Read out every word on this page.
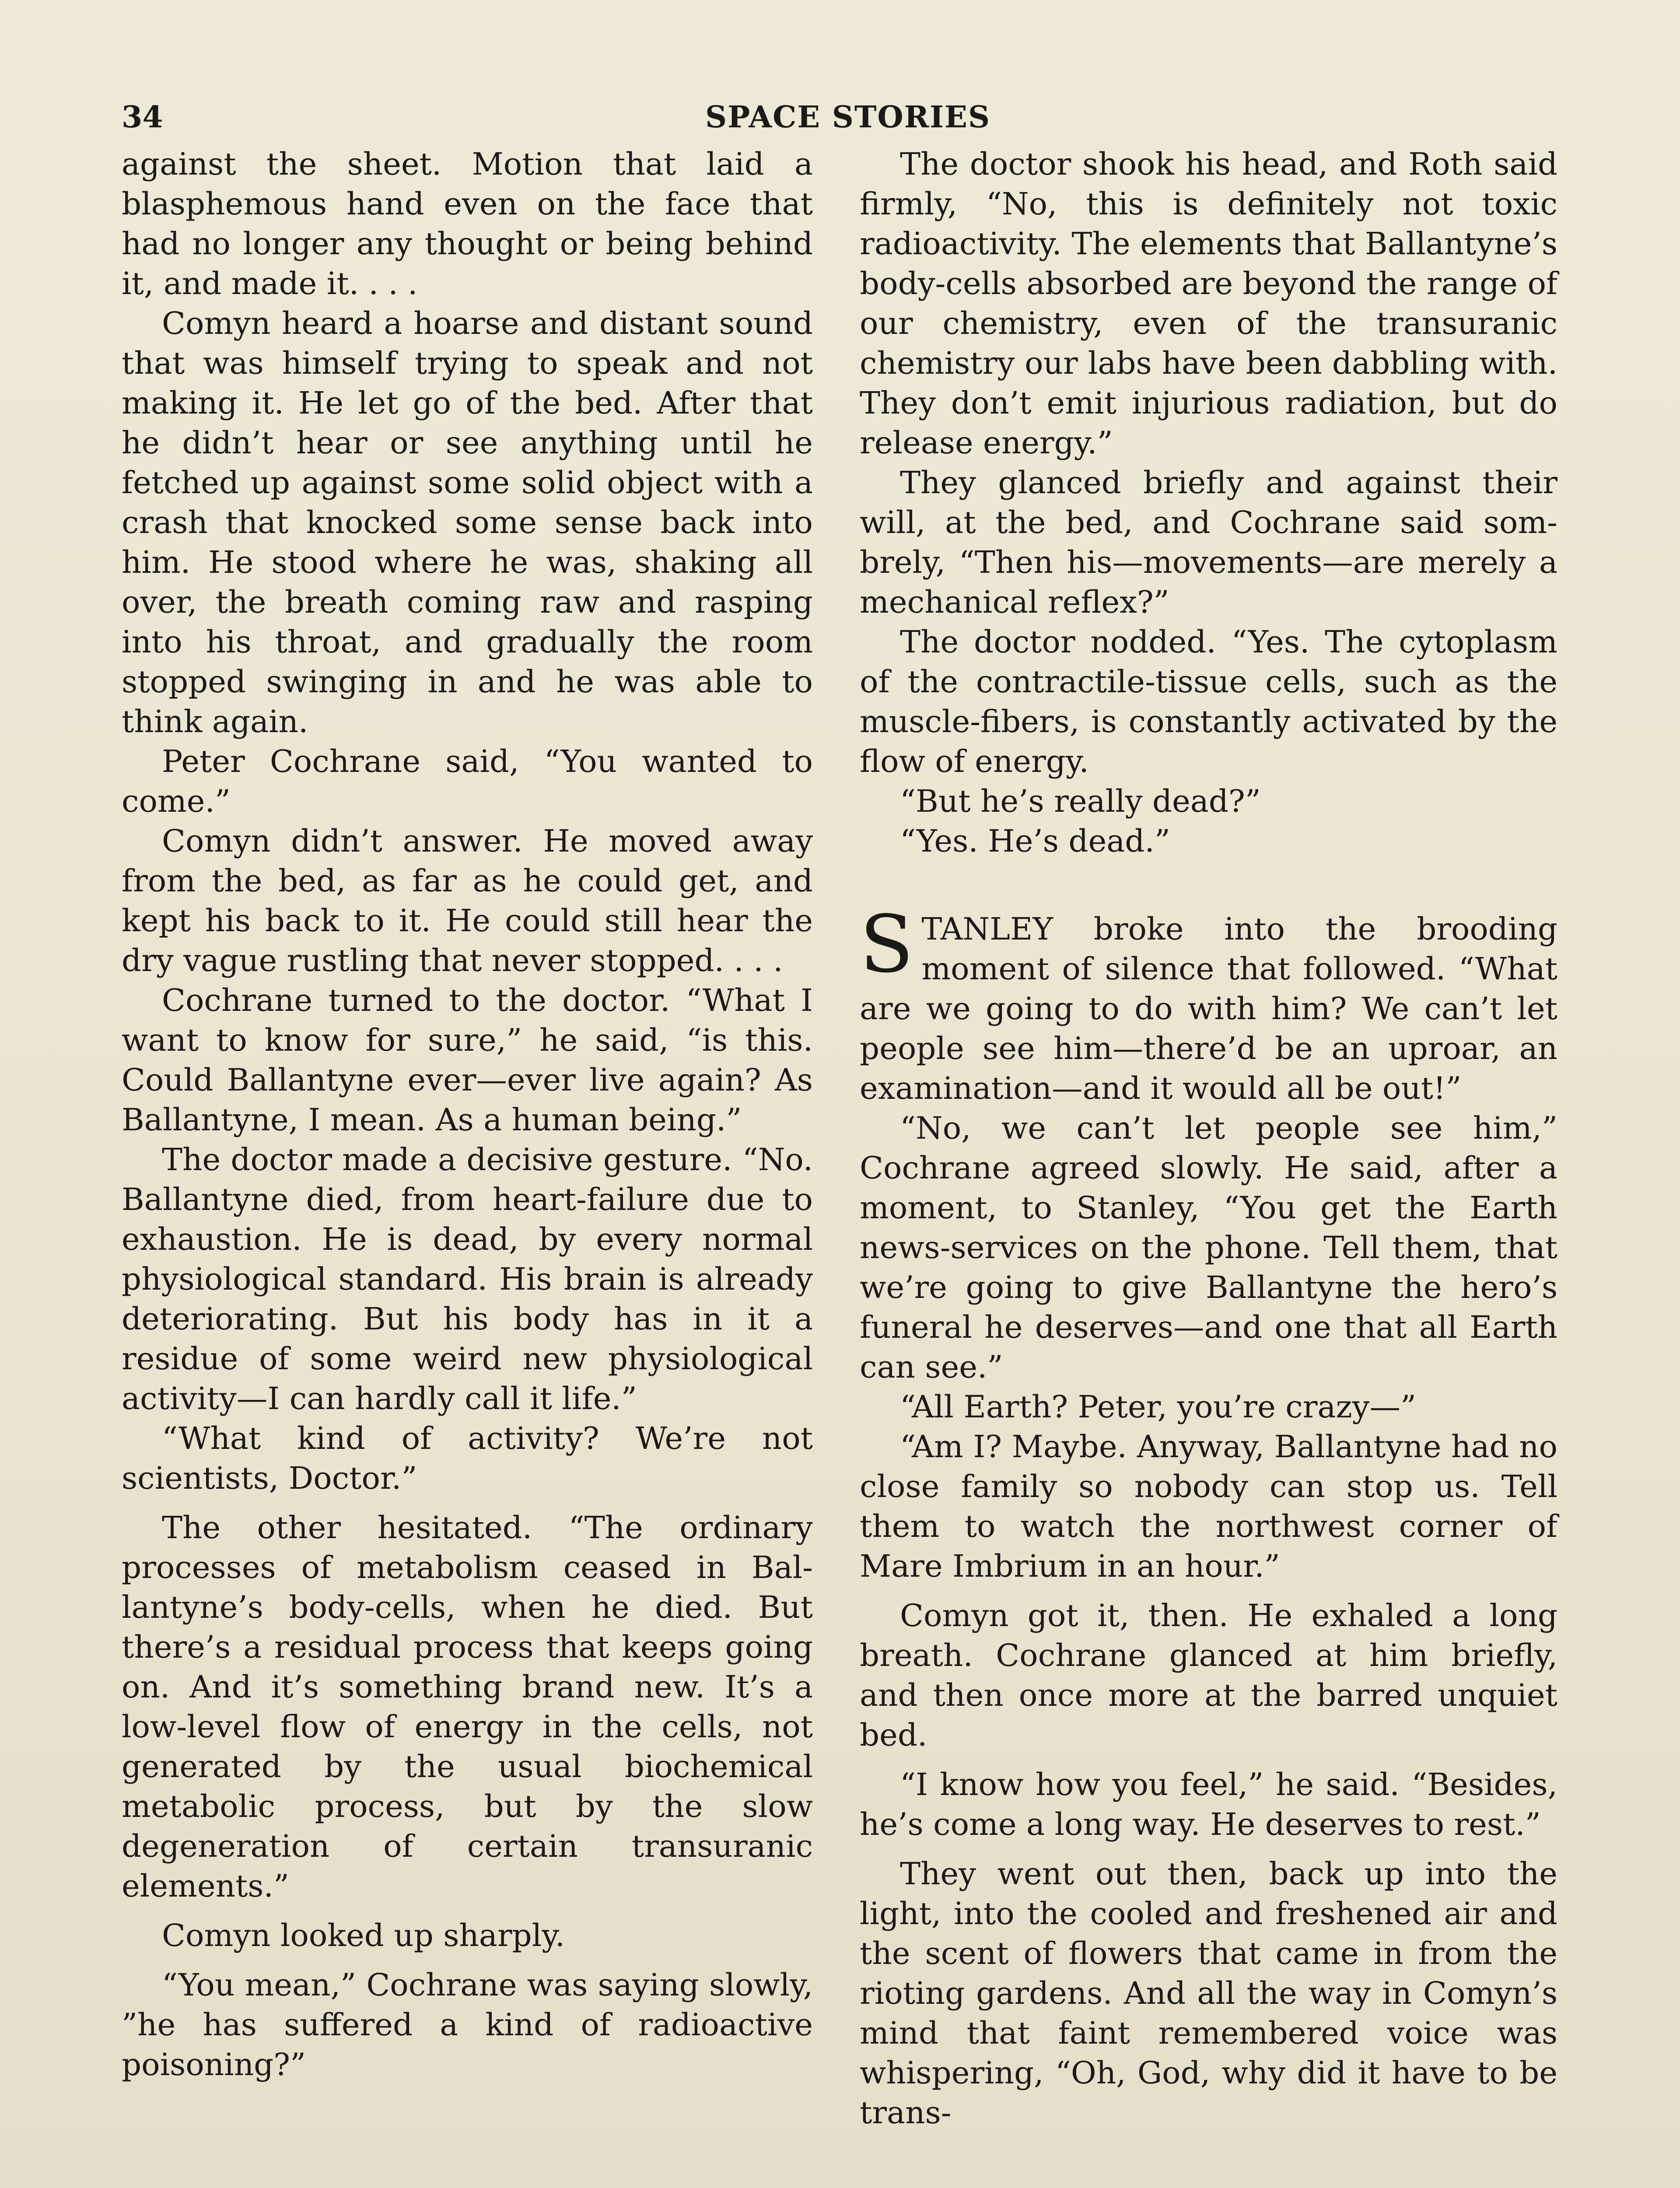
34	SPACE STORIES

against the sheet. Motion that laid a blasphemous hand even on the face that had no longer any thought or being behind it, and made it. . . .

Comyn heard a hoarse and distant sound that was himself trying to speak and not making it. He let go of the bed. After that he didn’t hear or see anything until he fetched up against some solid object with a crash that knocked some sense back into him. He stood where he was, shaking all over, the breath coming raw and rasping into his throat, and gradually the room stopped swinging in and he was able to think again.

Peter Cochrane said, “You wanted to come.”

Comyn didn’t answer. He moved away from the bed, as far as he could get, and kept his back to it. He could still hear the dry vague rustling that never stopped. . . .

Cochrane turned to the doctor. “What I want to know for sure,” he said, “is this. Could Ballantyne ever—ever live again? As Ballantyne, I mean. As a human being.”

The doctor made a decisive gesture. “No. Ballantyne died, from heart-failure due to exhaustion. He is dead, by every normal physiological standard. His brain is already deteriorating. But his body has in it a residue of some weird new physiological activity—I can hardly call it life.”

“What kind of activity? We’re not scientists, Doctor.”

The other hesitated. “The ordinary processes of metabolism ceased in Ballantyne’s body-cells, when he died. But there’s a residual process that keeps going on. And it’s something brand new. It’s a low-level flow of energy in the cells, not generated by the usual biochemical metabolic process, but by the slow degeneration of certain transuranic elements.”

Comyn looked up sharply.

“You mean,” Cochrane was saying slowly, ”he has suffered a kind of radioactive poisoning?”

The doctor shook his head, and Roth said firmly, “No, this is definitely not toxic radioactivity. The elements that Ballantyne’s body-cells absorbed are beyond the range of our chemistry, even of the transuranic chemistry our labs have been dabbling with. They don’t emit injurious radiation, but do release energy.”

They glanced briefly and against their will, at the bed, and Cochrane said sombrely, “Then his—movements—are merely a mechanical reflex?”

The doctor nodded. “Yes. The cytoplasm of the contractile-tissue cells, such as the muscle-fibers, is constantly activated by the flow of energy.

“But he’s really dead?”

“Yes. He’s dead.”

STANLEY broke into the brooding moment of silence that followed. “What are we going to do with him? We can’t let people see him—there’d be an uproar, an examination—and it would all be out!”

“No, we can’t let people see him,” Cochrane agreed slowly. He said, after a moment, to Stanley, “You get the Earth news-services on the phone. Tell them, that we’re going to give Ballantyne the hero’s funeral he deserves—and one that all Earth can see.”

“All Earth? Peter, you’re crazy—”

“Am I? Maybe. Anyway, Ballantyne had no close family so nobody can stop us. Tell them to watch the northwest corner of Mare Imbrium in an hour.”

Comyn got it, then. He exhaled a long breath. Cochrane glanced at him briefly, and then once more at the barred unquiet bed.

“I know how you feel,” he said. “Besides, he’s come a long way. He deserves to rest.”

They went out then, back up into the light, into the cooled and freshened air and the scent of flowers that came in from the rioting gardens. And all the way in Comyn’s mind that faint remembered voice was whispering, “Oh, God, why did it have to be trans-
